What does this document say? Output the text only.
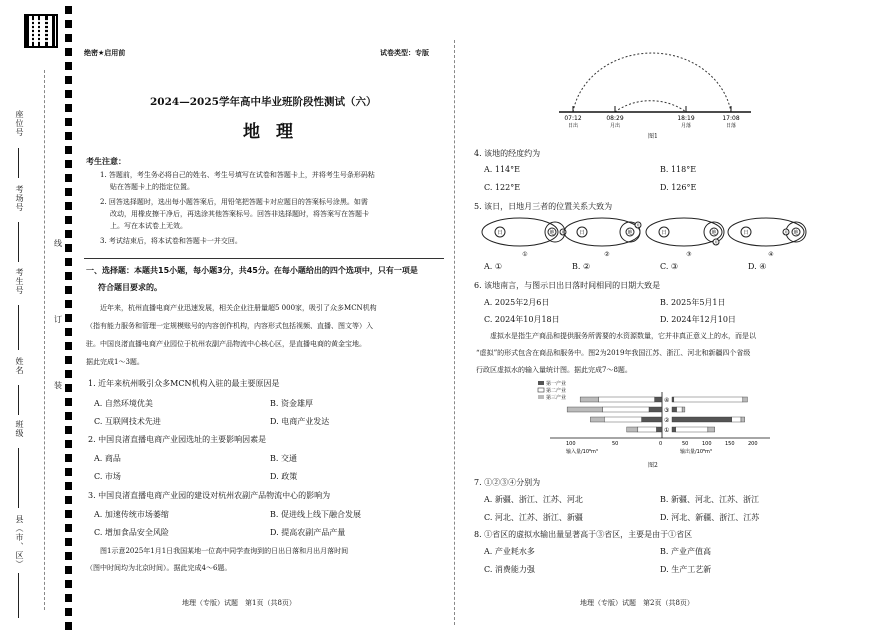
座位号
考场号
考生号
姓名
班级
县（市、区）
线
订
装
绝密★启用前	试卷类型：专版
2024—2025学年高中毕业班阶段性测试（六）
地理
考生注意：
1. 答题前，考生务必将自己的姓名、考生号填写在试卷和答题卡上，并将考生号条形码粘
贴在答题卡上的指定位置。
2. 回答选择题时，选出每小题答案后，用铅笔把答题卡对应题目的答案标号涂黑。如需
改动，用橡皮擦干净后，再选涂其他答案标号。回答非选择题时，将答案写在答题卡
上。写在本试卷上无效。
3. 考试结束后，将本试卷和答题卡一并交回。
一、选择题：本题共15小题，每小题3分，共45分。在每小题给出的四个选项中，只有一项是
符合题目要求的。
近年来，杭州直播电商产业迅速发展，相关企业注册量超5 000家，吸引了众多MCN机构
（指有能力服务和管理一定规模账号的内容创作机构，内容形式包括视频、直播、图文等）入
驻。中国良渚直播电商产业园位于杭州农副产品物流中心核心区，是直播电商的黄金宝地。
据此完成1～3题。
1. 近年来杭州吸引众多MCN机构入驻的最主要原因是
A. 自然环境优美	B. 资金雄厚
C. 互联网技术先进	D. 电商产业发达
2. 中国良渚直播电商产业园选址的主要影响因素是
A. 商品	B. 交通
C. 市场	D. 政策
3. 中国良渚直播电商产业园的建设对杭州农副产品物流中心的影响为
A. 加速传统市场萎缩	B. 促进线上线下融合发展
C. 增加食品安全风险	D. 提高农副产品产量
图1示意2025年1月1日我国某地一位高中同学查询到的日出日落和月出月落时间
（图中时间均为北京时间）。据此完成4～6题。
地理（专版）试题　第1页（共8页）
07:12	08:29	18:19	17:08
日出	月出	月落	日落
图1
4. 该地的经度约为
A. 114°E	B. 118°E
C. 122°E	D. 126°E
5. 该日，日地月三者的位置关系大致为
日	地 月
①
日	地
月
②
日	地
月
③
日	地
月
④
A. ①	B. ②	C. ③	D. ④
6. 该地南言，与图示日出日落时间相同的日期大致是
A. 2025年2月6日	B. 2025年5月1日
C. 2024年10月18日	D. 2024年12月10日
虚拟水是指生产商品和提供服务所需要的水资源数量，它并非真正意义上的水，而是以
“虚拟”的形式包含在商品和服务中。图2为2019年我国江苏、浙江、河北和新疆四个省级
行政区虚拟水的输入量统计图。据此完成7～8题。
第一产业
第二产业
第三产业	④
③
②
①
100	50	0	50	100	150	200
输入量/10⁸m³	输出量/10⁸m³
图2
7. ①②③④分别为
A. 新疆、浙江、江苏、河北	B. 新疆、河北、江苏、浙江
C. 河北、江苏、浙江、新疆	D. 河北、新疆、浙江、江苏
8. ①省区的虚拟水输出量显著高于③省区，主要是由于①省区
A. 产业耗水多	B. 产业产值高
C. 消费能力强	D. 生产工艺新
地理（专版）试题　第2页（共8页）
